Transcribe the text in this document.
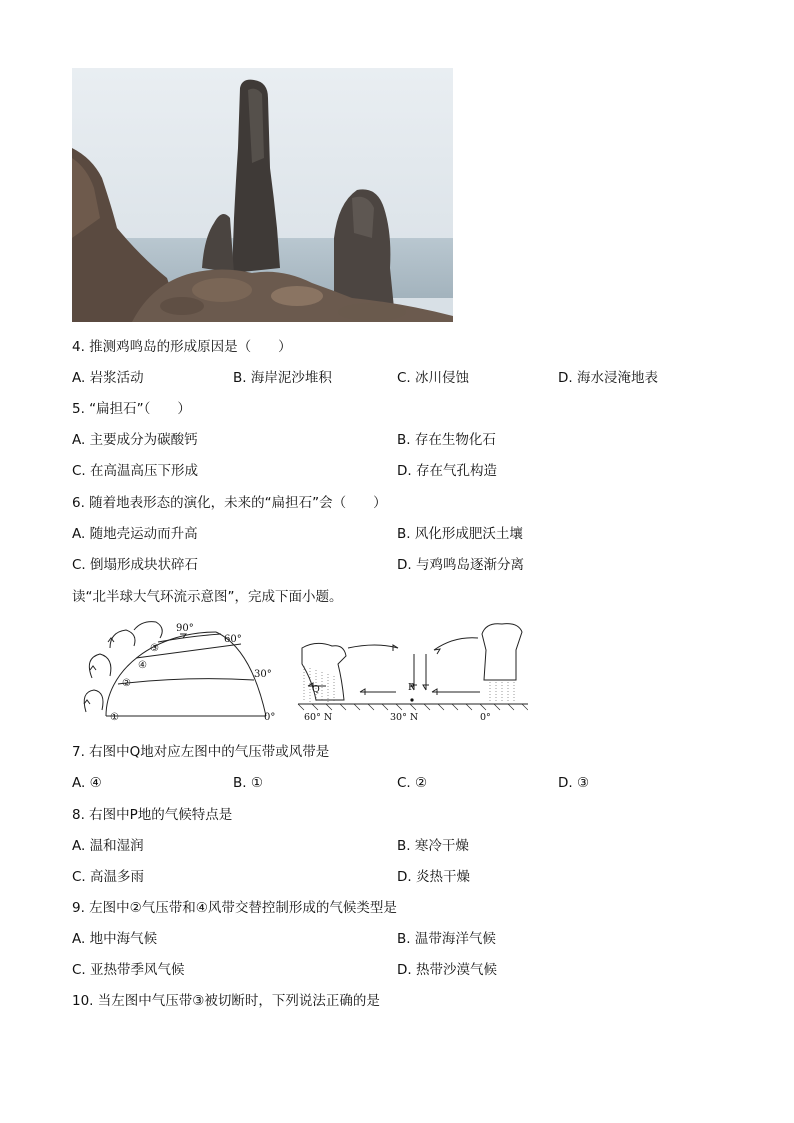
4. 推测鸡鸣岛的形成原因是（　　）
A. 岩浆活动	B. 海岸泥沙堆积	C. 冰川侵蚀	D. 海水浸淹地表
5. “扁担石”（　　）
A. 主要成分为碳酸钙	B. 存在生物化石
C. 在高温高压下形成	D. 存在气孔构造
6. 随着地表形态的演化，未来的“扁担石”会（　　）
A. 随地壳运动而升高	B. 风化形成肥沃土壤
C. 倒塌形成块状碎石	D. 与鸡鸣岛逐渐分离
读“北半球大气环流示意图”，完成下面小题。
90°
60°
30°
0°
①
②
③
④
Q	P
60° N	30° N	0°
7. 右图中Q地对应左图中的气压带或风带是
A. ④	B. ①	C. ②	D. ③
8. 右图中P地的气候特点是
A. 温和湿润	B. 寒冷干燥
C. 高温多雨	D. 炎热干燥
9. 左图中②气压带和④风带交替控制形成的气候类型是
A. 地中海气候	B. 温带海洋气候
C. 亚热带季风气候	D. 热带沙漠气候
10. 当左图中气压带③被切断时，下列说法正确的是
